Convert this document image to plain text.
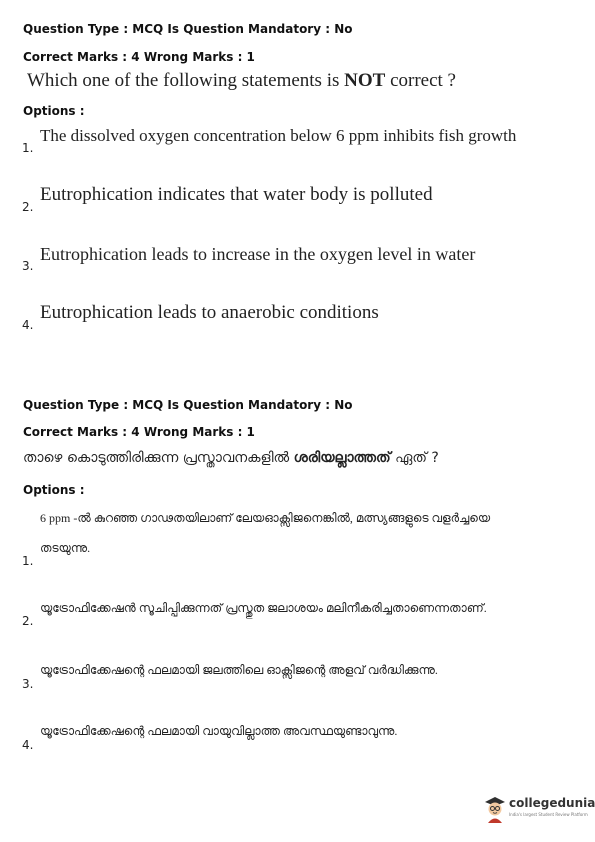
Question Type : MCQ Is Question Mandatory : No
Correct Marks : 4 Wrong Marks : 1
Which one of the following statements is NOT correct ?
Options :
1.
The dissolved oxygen concentration below 6 ppm inhibits fish growth
2.
Eutrophication indicates that water body is polluted
3.
Eutrophication leads to increase in the oxygen level in water
4.
Eutrophication leads to anaerobic conditions
Question Type : MCQ Is Question Mandatory : No
Correct Marks : 4 Wrong Marks : 1
താഴെ കൊടുത്തിരിക്കുന്ന പ്രസ്താവനകളിൽ ശരിയല്ലാത്തത് ഏത് ?
Options :
1.
6 ppm -ൽ കുറഞ്ഞ ഗാഢതയിലാണ് ലേയഓക്സിജനെങ്കിൽ, മത്സ്യങ്ങളുടെ വളർച്ചയെ
തടയുന്നു.
2.
യൂട്രോഫിക്കേഷൻ സൂചിപ്പിക്കുന്നത് പ്രസ്തുത ജലാശയം മലിനീകരിച്ചതാണെന്നതാണ്.
3.
യൂട്രോഫിക്കേഷന്റെ ഫലമായി ജലത്തിലെ ഓക്സിജന്റെ അളവ് വർദ്ധിക്കുന്നു.
4.
യൂട്രോഫിക്കേഷന്റെ ഫലമായി വായുവില്ലാത്ത അവസ്ഥയുണ്ടാവുന്നു.
collegedunia
India's largest Student Review Platform
